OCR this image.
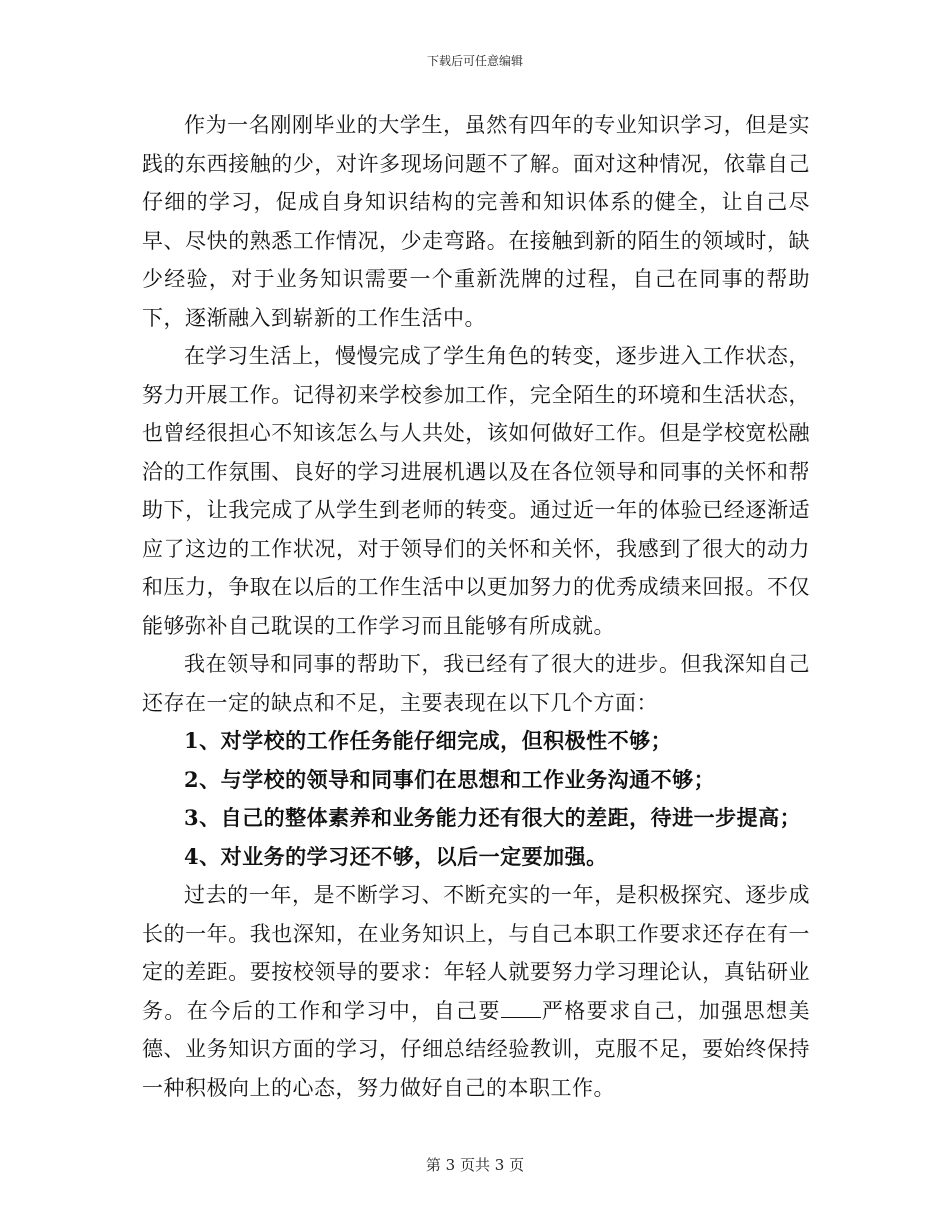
下载后可任意编辑

作为一名刚刚毕业的大学生，虽然有四年的专业知识学习，但是实践的东西接触的少，对许多现场问题不了解。面对这种情况，依靠自己仔细的学习，促成自身知识结构的完善和知识体系的健全，让自己尽早、尽快的熟悉工作情况，少走弯路。在接触到新的陌生的领域时，缺少经验，对于业务知识需要一个重新洗牌的过程，自己在同事的帮助下，逐渐融入到崭新的工作生活中。

在学习生活上，慢慢完成了学生角色的转变，逐步进入工作状态，努力开展工作。记得初来学校参加工作，完全陌生的环境和生活状态，也曾经很担心不知该怎么与人共处，该如何做好工作。但是学校宽松融洽的工作氛围、良好的学习进展机遇以及在各位领导和同事的关怀和帮助下，让我完成了从学生到老师的转变。通过近一年的体验已经逐渐适应了这边的工作状况，对于领导们的关怀和关怀，我感到了很大的动力和压力，争取在以后的工作生活中以更加努力的优秀成绩来回报。不仅能够弥补自己耽误的工作学习而且能够有所成就。

我在领导和同事的帮助下，我已经有了很大的进步。但我深知自己还存在一定的缺点和不足，主要表现在以下几个方面：

1、对学校的工作任务能仔细完成，但积极性不够；

2、与学校的领导和同事们在思想和工作业务沟通不够；

3、自己的整体素养和业务能力还有很大的差距，待进一步提高；

4、对业务的学习还不够，以后一定要加强。

过去的一年，是不断学习、不断充实的一年，是积极探究、逐步成长的一年。我也深知，在业务知识上，与自己本职工作要求还存在有一定的差距。要按校领导的要求：年轻人就要努力学习理论认，真钻研业务。在今后的工作和学习中，自己要 严格要求自己，加强思想美德、业务知识方面的学习，仔细总结经验教训，克服不足，要始终保持一种积极向上的心态，努力做好自己的本职工作。

第 3 页共 3 页
